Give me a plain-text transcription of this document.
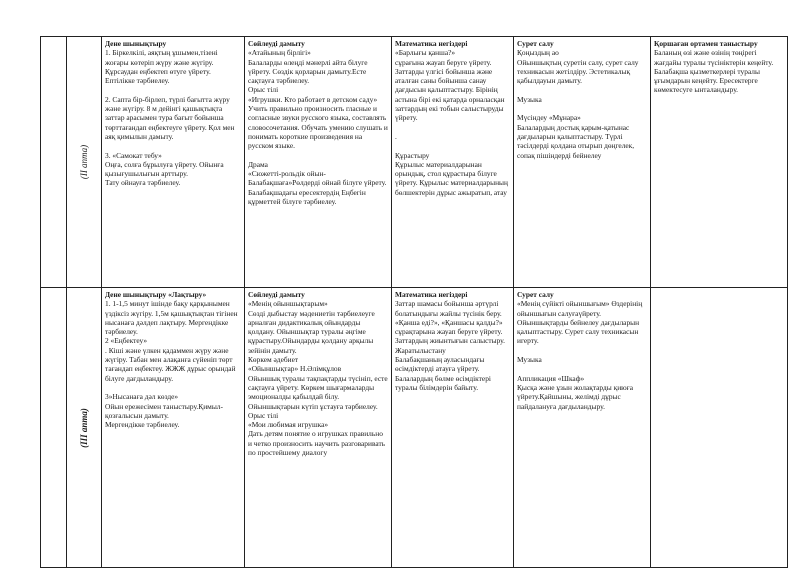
(II апта)
Дене шынықтыру
1. Біркелкілі, аяқтың ұшымен,тізені жоғары көтеріп жүру және жүгіру. Құрсаудан еңбектеп өтуге үйрету.
Ептілікке тәрбиелеу.

2. Сапта бір-бірлеп, түрлі бағытта жүру және жүгіру. 8 м дейінгі қашықтықта заттар арасымен тура бағыт бойынша төрттағандап еңбектеуге үйрету. Қол мен аяқ қимылын дамыту.

3. «Самокат тебу»
Оңға, солға бұрылуға үйрету. Ойынға қызығушылығын арттыру.
Тату ойнауға тәрбиелеу.
Сөйлеуді дамыту
«Атайының бірлігі»
Балаларды өлеңді мәнерлі айта білуге үйрету. Сөздік қорларын дамыту.Есте сақтауға тәрбиелеу.
Орыс тілі
«Игрушки. Кто работает в детском саду»
Учить правильно произносить гласные и согласные звуки русского языка, составлять словосочетания. Обучать умению слушать и понимать короткие произведения на русском языке.

Драма
«Сюжетті-рольдік ойын-Балабақшаға»Рөлдерді ойнай білуге үйрету.
Балабақшадағы ересектердің Еңбегін құрметтей білуге тәрбиелеу.
Математика негіздері
«Барлығы қанша?»
сұрағына жауап беруге үйрету. Заттарды үлгісі бойынша және аталған саны бойынша санау дағдысын қалыптастыру. Бірінің астына бірі екі қатарда орналасқан заттардың екі тобын салыстыруды үйрету.

.

Құрастыру
Құрылыс материалдарынан орындық, стол құрастыра білуге үйрету. Құрылыс материалдарының бөлшектерін дұрыс ажыратып, атау
Сурет салу
Қоңыздың ао
Ойыншықтың суретін салу, сурет салу техникасын жетілдіру. Эстетикалық қабылдауын дамыту.

Музыка

Мүсіндеу «Мұнара»
Балалардың достық қарым-қатынас дағдыларын қалыптастыру. Түрлі тәсілдерді қолдана отырып дөңгелек, сопақ пішіндерді бейнелеу
Қоршаған ортамен таныстыру
Баланың өзі және өзінің төңірегі жағдайы туралы түсініктерін кеңейту.
Балабақша қызметкерлері туралы ұғымдарын кеңейту. Ересектерге көмектесуге ынталандыру.
(III апта)
Дене шынықтыру «Лақтыру»
1. 1-1,5 минут ішінде бақу қарқынымен үздіксіз жүгіру. 1,5м қашықтықтан тігінен нысанаға дәлдеп лақтыру. Мергендікке тәрбиелеу.
2 «Еңбектеу»
. Кіші және үлкен қадаммен жүру және жүгіру. Табан мен алақанға сүйеніп төрт тағандап еңбектеу. ЖЖЖ дұрыс орындай білуге дағдыландыру.

3»Нысанаға дәл көзде»
Ойын ережесімен таныстыру.Қимыл-қозғалысын дамыту.
Мергендікке тәрбиелеу.
Сөйлеуді дамыту
«Менің ойыншықтарым»
Сөзді дыбыстау мәдениетін тәрбиелеуге арналған дидактикалық ойындарды қолдану. Ойыншықтар туралы әңгіме құрастыру.Ойындарды қолдану арқылы зейінін дамыту.
Көркем әдебиет
«Ойыншықтар» Н.Әлімқұлов
Ойыншық туралы тақпақтарды түсініп, есте сақтауға үйрету. Көркем шығармаларды эмоционалды қабылдай білу. Ойыншықтарын күтіп ұстауға тәрбиелеу.
Орыс тілі
«Мои любимая игрушка»
Дать детям понятие о игрушках правильно и четко произносить научить разговаривать по простейшему диалогу
Математика негіздері
Заттар шамасы бойынша әртүрлі болатындығы жайлы түсінік беру.
«Қанша еді?», «Қаншасы қалды?» сұрақтарына жауап беруге үйрету. Заттардың жиынтығын салыстыру.
Жаратылыстану
Балабақшаның ауласындағы өсімдіктерді атауға үйрету. Балалардың бөлме өсімдіктері туралы білімдерін байыту.
Сурет салу
«Менің сүйікті ойыншығым» Өздерінің ойыншығын салуғаүйрету.
Ойыншықтарды бейнелеу дағдыларын қалыптастыру. Сурет салу техникасын игерту.

Музыка

Аппликация «Шкаф»
Қысқа және ұзын жолақтарды қиюға үйрету.Қайшыны, желімді дұрыс пайдалануға дағдыландыру.
